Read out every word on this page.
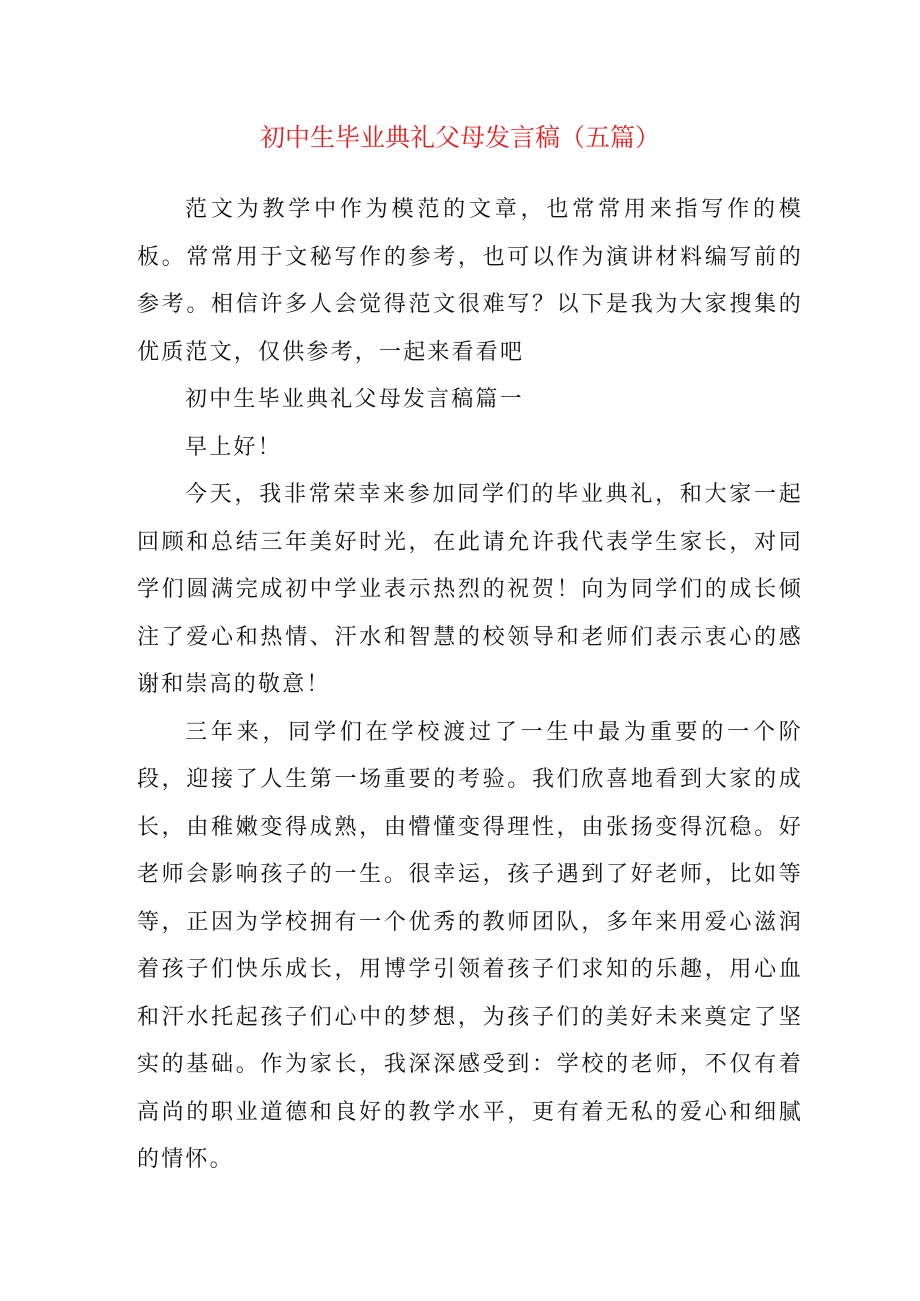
初中生毕业典礼父母发言稿（五篇）

范文为教学中作为模范的文章，也常常用来指写作的模板。常常用于文秘写作的参考，也可以作为演讲材料编写前的参考。相信许多人会觉得范文很难写？以下是我为大家搜集的优质范文，仅供参考，一起来看看吧

初中生毕业典礼父母发言稿篇一

早上好！

今天，我非常荣幸来参加同学们的毕业典礼，和大家一起回顾和总结三年美好时光，在此请允许我代表学生家长，对同学们圆满完成初中学业表示热烈的祝贺！向为同学们的成长倾注了爱心和热情、汗水和智慧的校领导和老师们表示衷心的感谢和崇高的敬意！

三年来，同学们在学校渡过了一生中最为重要的一个阶段，迎接了人生第一场重要的考验。我们欣喜地看到大家的成长，由稚嫩变得成熟，由懵懂变得理性，由张扬变得沉稳。好老师会影响孩子的一生。很幸运，孩子遇到了好老师，比如等等，正因为学校拥有一个优秀的教师团队，多年来用爱心滋润着孩子们快乐成长，用博学引领着孩子们求知的乐趣，用心血和汗水托起孩子们心中的梦想，为孩子们的美好未来奠定了坚实的基础。作为家长，我深深感受到：学校的老师，不仅有着高尚的职业道德和良好的教学水平，更有着无私的爱心和细腻的情怀。
